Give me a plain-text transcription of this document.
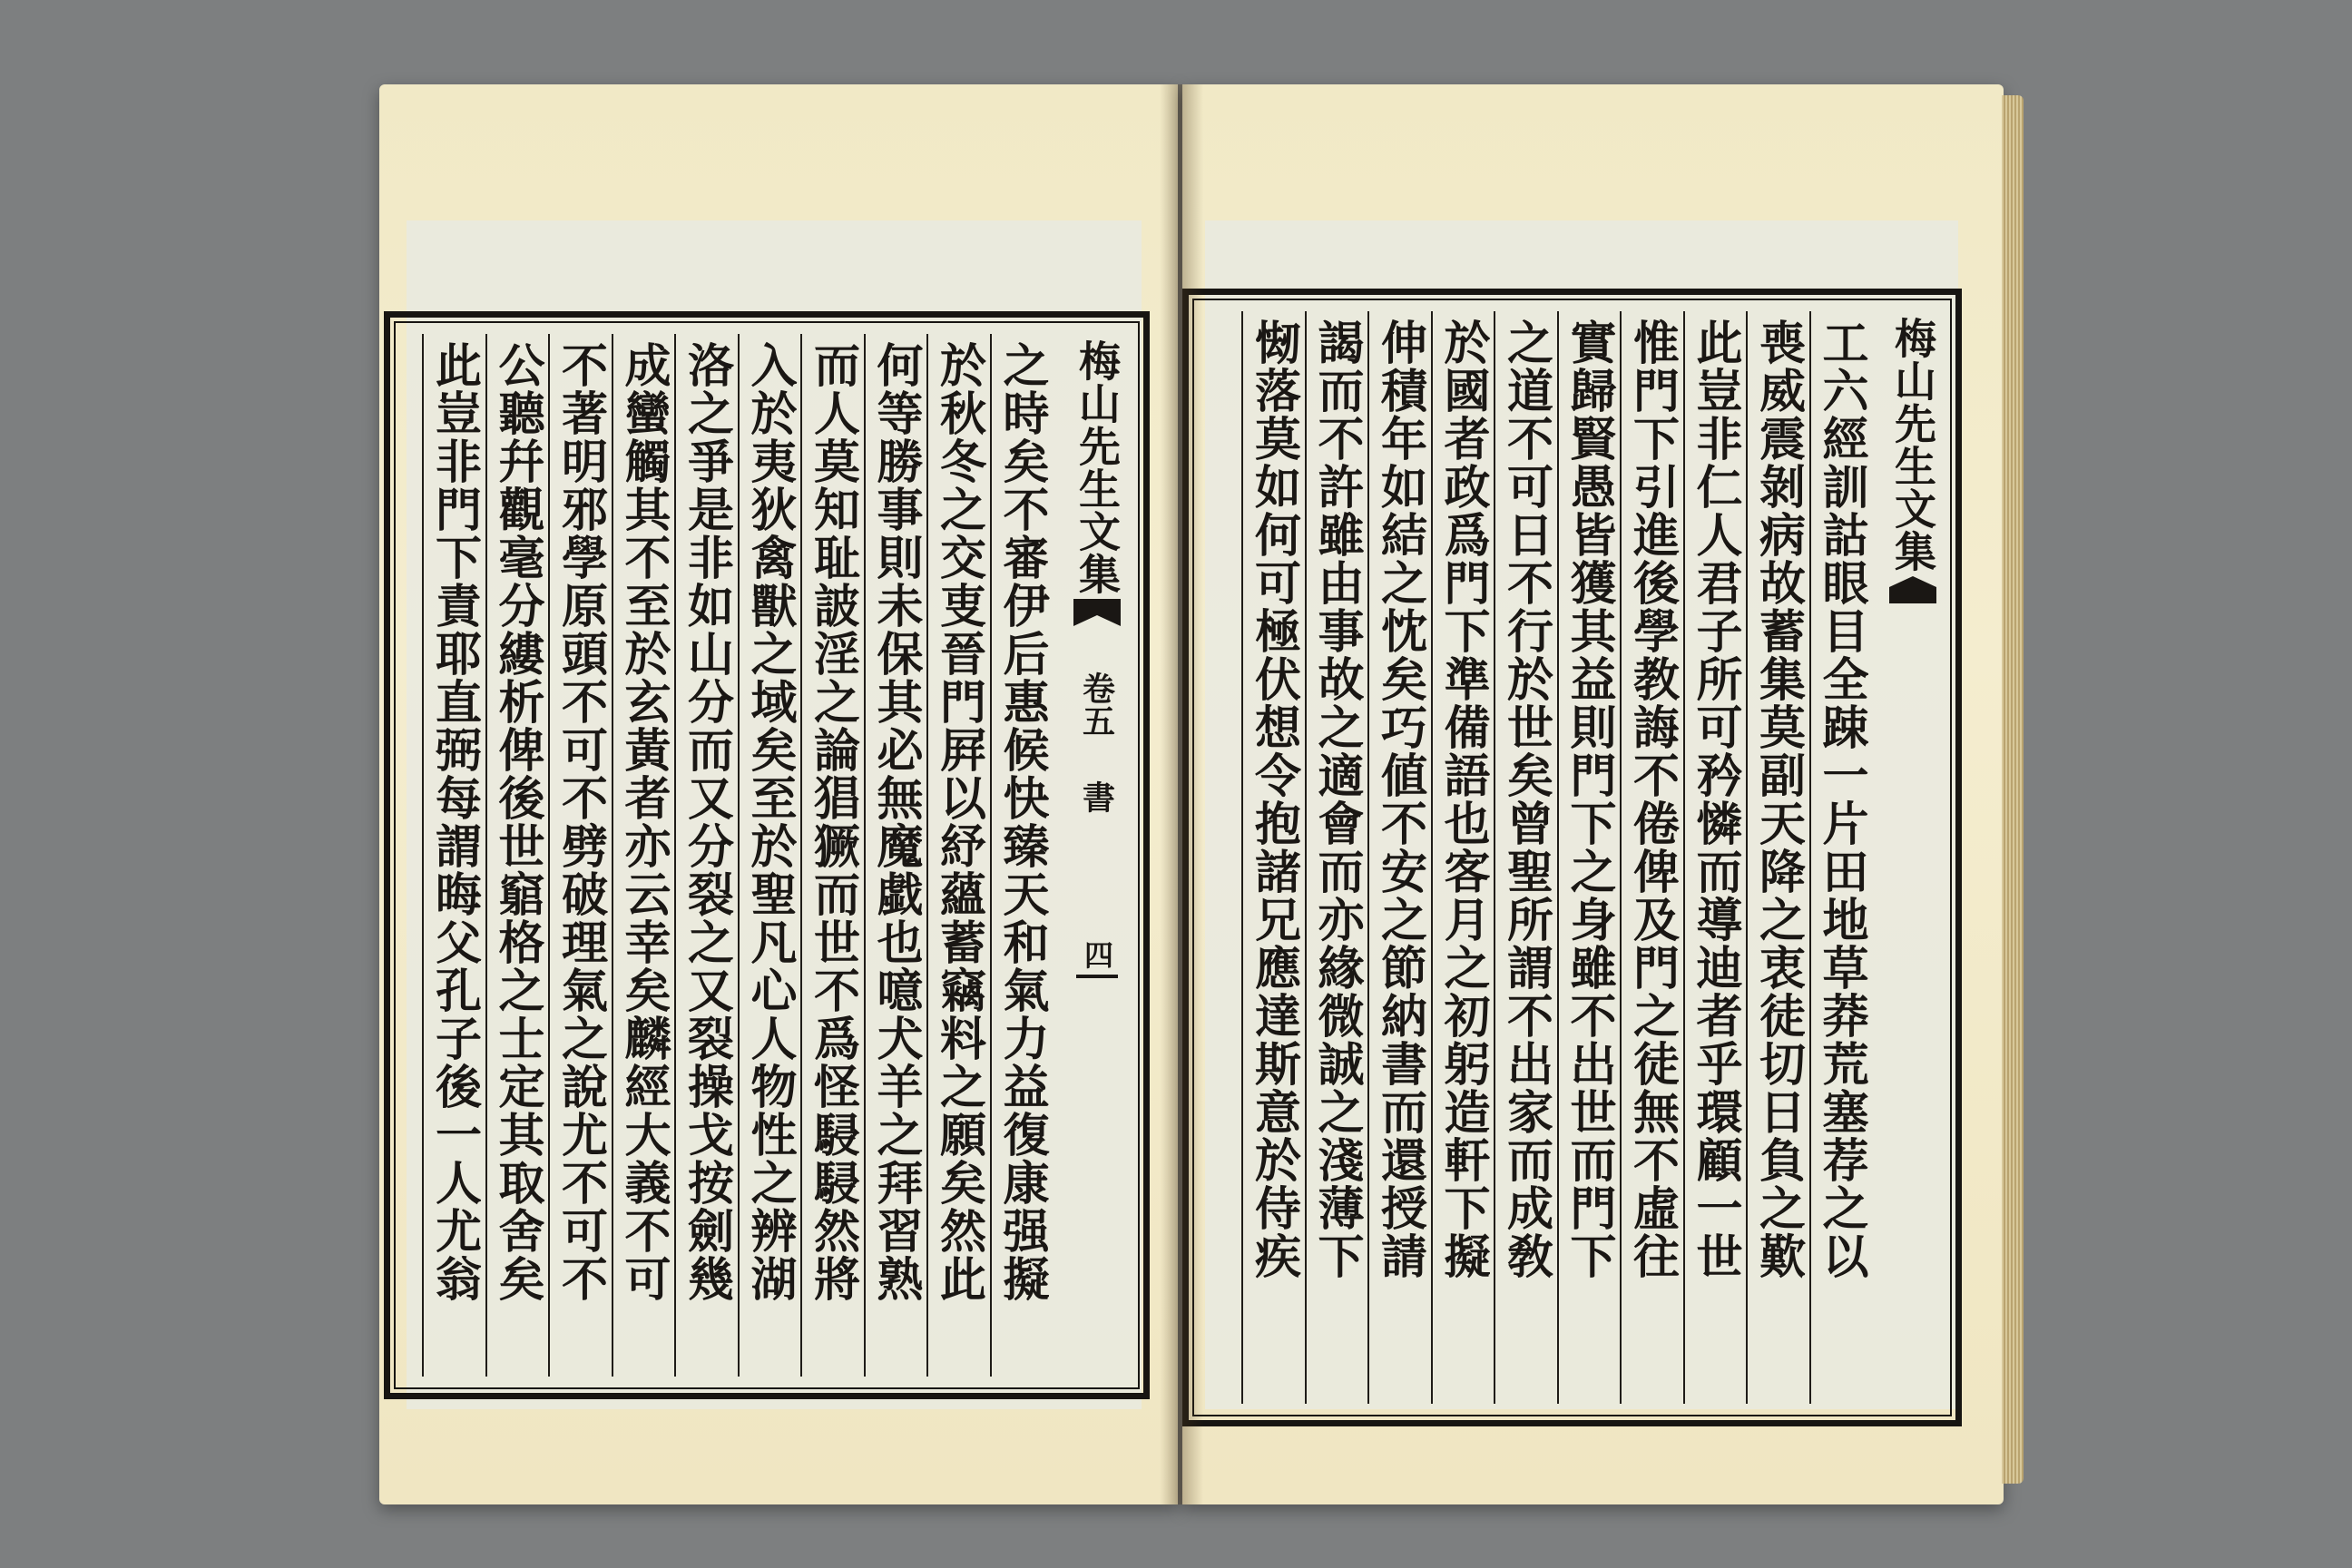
之時矣不審伊后惠候快臻天和氣力益復康强擬
於秋冬之交叓晉門屛以紓蘊蓄竊料之願矣然此
何等勝事則未保其必無魔戱也噫犬羊之拜習熟
而人莫知耻詖淫之論猖獗而世不爲怪駸駸然將
入於夷狄禽獸之域矣至於聖凡心人物性之辨湖
洛之爭是非如山分而又分裂之又裂操戈按劍幾
成蠻觸其不至於玄黃者亦云幸矣麟經大義不可
不著明邪學原頭不可不劈破理氣之說尤不可不
公聽幷觀毫分縷析俾後世竆格之士定其取舍矣
此豈非門下責耶直弼每謂晦父孔子後一人尤翁	梅山先生文集
卷五
書
四	工六經訓詁眼目全踈一片田地草莽荒塞荐之以
喪威震剝病故蓄集莫副天降之衷徒切日負之歎
此豈非仁人君子所可矜憐而導迪者乎環顧一世
惟門下引進後學教誨不倦俾及門之徒無不虛往
實歸賢愚皆獲其益則門下之身雖不出世而門下
之道不可日不行於世矣曾聖所謂不出家而成敎
於國者政爲門下準備語也客月之初躬造軒下擬
伸積年如結之忱矣巧値不安之節納書而還授請
謁而不許雖由事故之適會而亦緣微誠之淺薄下
㥘落莫如何可極伏想令抱諸兄應達斯意於侍疾	梅山先生文集
